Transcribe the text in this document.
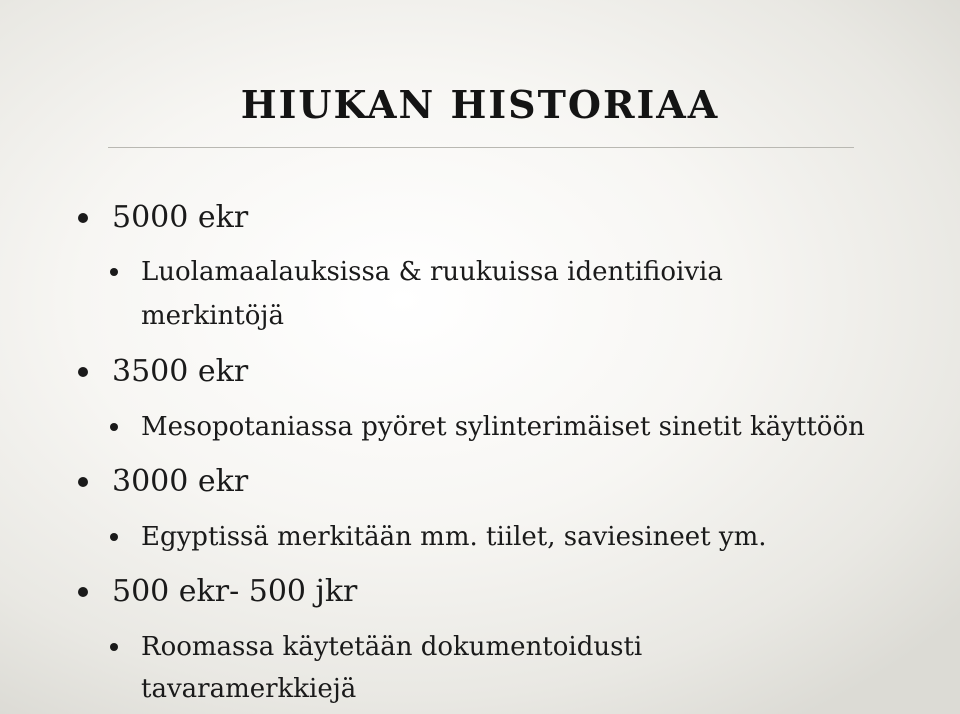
HIUKAN HISTORIAA
5000 ekr
Luolamaalauksissa & ruukuissa identifioivia
merkintöjä
3500 ekr
Mesopotaniassa pyöret sylinterimäiset sinetit käyttöön
3000 ekr
Egyptissä merkitään mm. tiilet, saviesineet ym.
500 ekr- 500 jkr
Roomassa käytetään dokumentoidusti
tavaramerkkiejä
